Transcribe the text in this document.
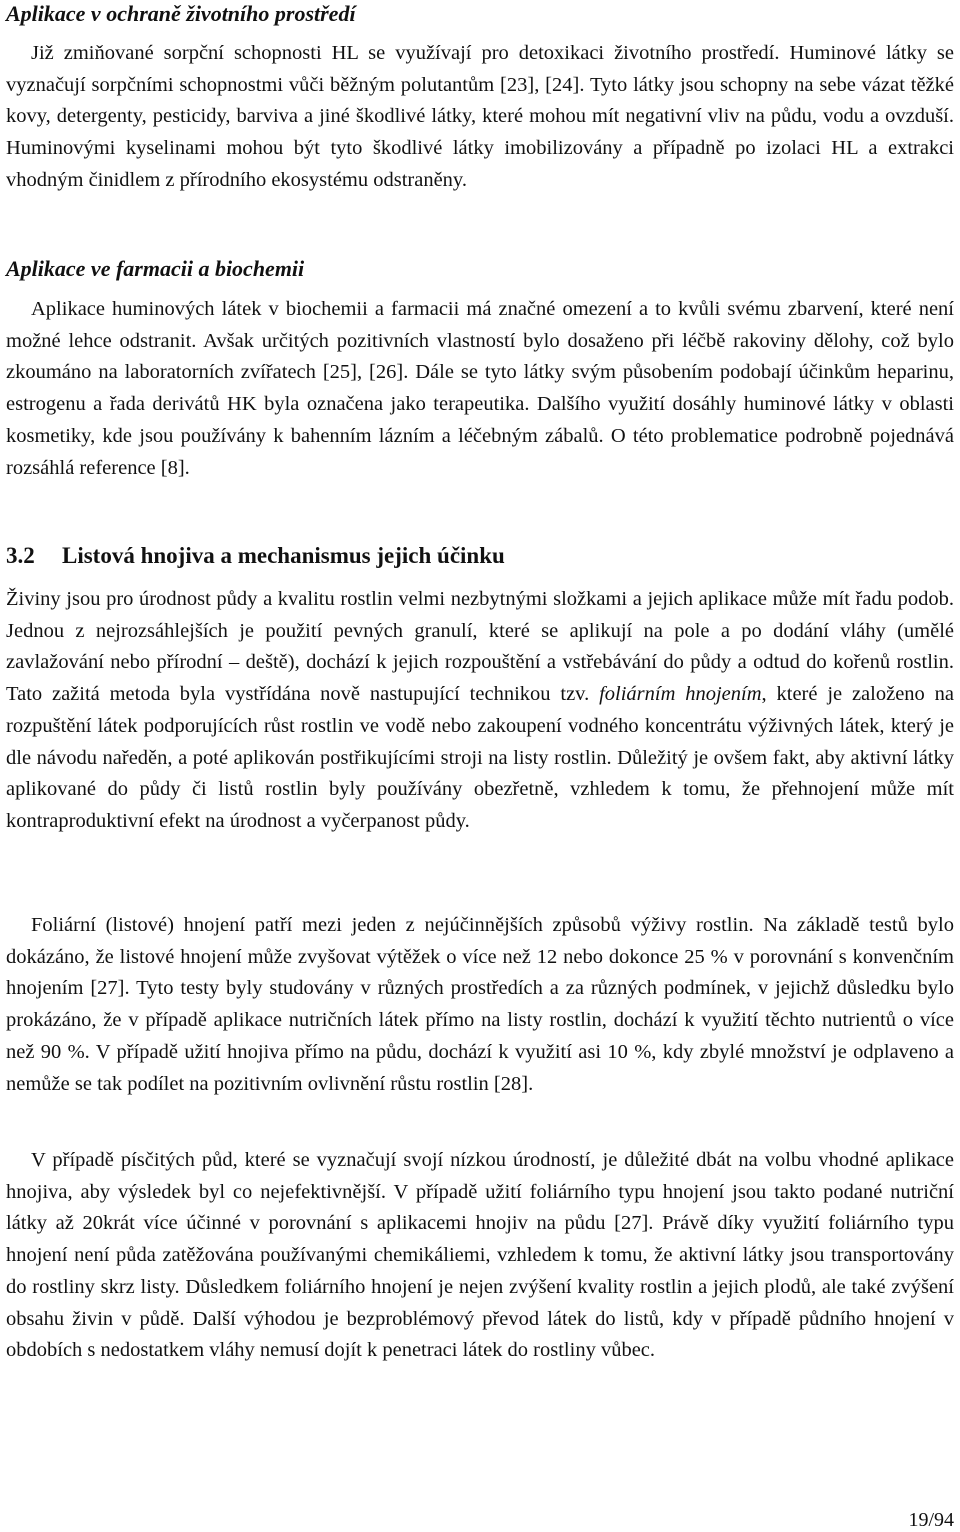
Aplikace v ochraně životního prostředí

Již zmiňované sorpční schopnosti HL se využívají pro detoxikaci životního prostředí. Huminové látky se vyznačují sorpčními schopnostmi vůči běžným polutantům [23], [24]. Tyto látky jsou schopny na sebe vázat těžké kovy, detergenty, pesticidy, barviva a jiné škodlivé látky, které mohou mít negativní vliv na půdu, vodu a ovzduší. Huminovými kyselinami mohou být tyto škodlivé látky imobilizovány a případně po izolaci HL a extrakci vhodným činidlem z přírodního ekosystému odstraněny.

Aplikace ve farmacii a biochemii

Aplikace huminových látek v biochemii a farmacii má značné omezení a to kvůli svému zbarvení, které není možné lehce odstranit. Avšak určitých pozitivních vlastností bylo dosaženo při léčbě rakoviny dělohy, což bylo zkoumáno na laboratorních zvířatech [25], [26]. Dále se tyto látky svým působením podobají účinkům heparinu, estrogenu a řada derivátů HK byla označena jako terapeutika. Dalšího využití dosáhly huminové látky v oblasti kosmetiky, kde jsou používány k bahenním lázním a léčebným zábalů. O této problematice podrobně pojednává rozsáhlá reference [8].

3.2 Listová hnojiva a mechanismus jejich účinku

Živiny jsou pro úrodnost půdy a kvalitu rostlin velmi nezbytnými složkami a jejich aplikace může mít řadu podob. Jednou z nejrozsáhlejších je použití pevných granulí, které se aplikují na pole a po dodání vláhy (umělé zavlažování nebo přírodní – deště), dochází k jejich rozpouštění a vstřebávání do půdy a odtud do kořenů rostlin. Tato zažitá metoda byla vystřídána nově nastupující technikou tzv. foliárním hnojením, které je založeno na rozpuštění látek podporujících růst rostlin ve vodě nebo zakoupení vodného koncentrátu výživných látek, který je dle návodu naředěn, a poté aplikován postřikujícími stroji na listy rostlin. Důležitý je ovšem fakt, aby aktivní látky aplikované do půdy či listů rostlin byly používány obezřetně, vzhledem k tomu, že přehnojení může mít kontraproduktivní efekt na úrodnost a vyčerpanost půdy.

Foliární (listové) hnojení patří mezi jeden z nejúčinnějších způsobů výživy rostlin. Na základě testů bylo dokázáno, že listové hnojení může zvyšovat výtěžek o více než 12 nebo dokonce 25 % v porovnání s konvenčním hnojením [27]. Tyto testy byly studovány v různých prostředích a za různých podmínek, v jejichž důsledku bylo prokázáno, že v případě aplikace nutričních látek přímo na listy rostlin, dochází k využití těchto nutrientů o více než 90 %. V případě užití hnojiva přímo na půdu, dochází k využití asi 10 %, kdy zbylé množství je odplaveno a nemůže se tak podílet na pozitivním ovlivnění růstu rostlin [28].

V případě písčitých půd, které se vyznačují svojí nízkou úrodností, je důležité dbát na volbu vhodné aplikace hnojiva, aby výsledek byl co nejefektivnější. V případě užití foliárního typu hnojení jsou takto podané nutriční látky až 20krát více účinné v porovnání s aplikacemi hnojiv na půdu [27]. Právě díky využití foliárního typu hnojení není půda zatěžována používanými chemikáliemi, vzhledem k tomu, že aktivní látky jsou transportovány do rostliny skrz listy. Důsledkem foliárního hnojení je nejen zvýšení kvality rostlin a jejich plodů, ale také zvýšení obsahu živin v půdě. Další výhodou je bezproblémový převod látek do listů, kdy v případě půdního hnojení v obdobích s nedostatkem vláhy nemusí dojít k penetraci látek do rostliny vůbec.

19/94
